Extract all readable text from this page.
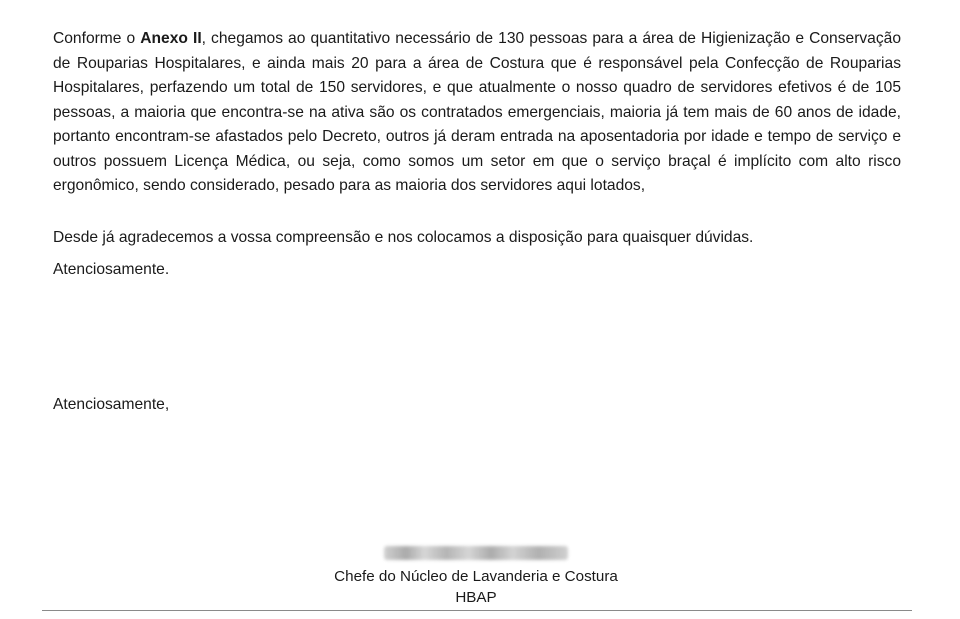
Conforme o Anexo II, chegamos ao quantitativo necessário de 130 pessoas para a área de Higienização e Conservação de Rouparias Hospitalares, e ainda mais 20 para a área de Costura que é responsável pela Confecção de Rouparias Hospitalares, perfazendo um total de 150 servidores, e que atualmente o nosso quadro de servidores efetivos é de 105 pessoas, a maioria que encontra-se na ativa são os contratados emergenciais, maioria já tem mais de 60 anos de idade, portanto encontram-se afastados pelo Decreto, outros já deram entrada na aposentadoria por idade e tempo de serviço e outros possuem Licença Médica, ou seja, como somos um setor em que o serviço braçal é implícito com alto risco ergonômico, sendo considerado, pesado para as maioria dos servidores aqui lotados,

Desde já agradecemos a vossa compreensão e nos colocamos a disposição para quaisquer dúvidas.

Atenciosamente.

Atenciosamente,

Chefe do Núcleo de Lavanderia e Costura
HBAP
